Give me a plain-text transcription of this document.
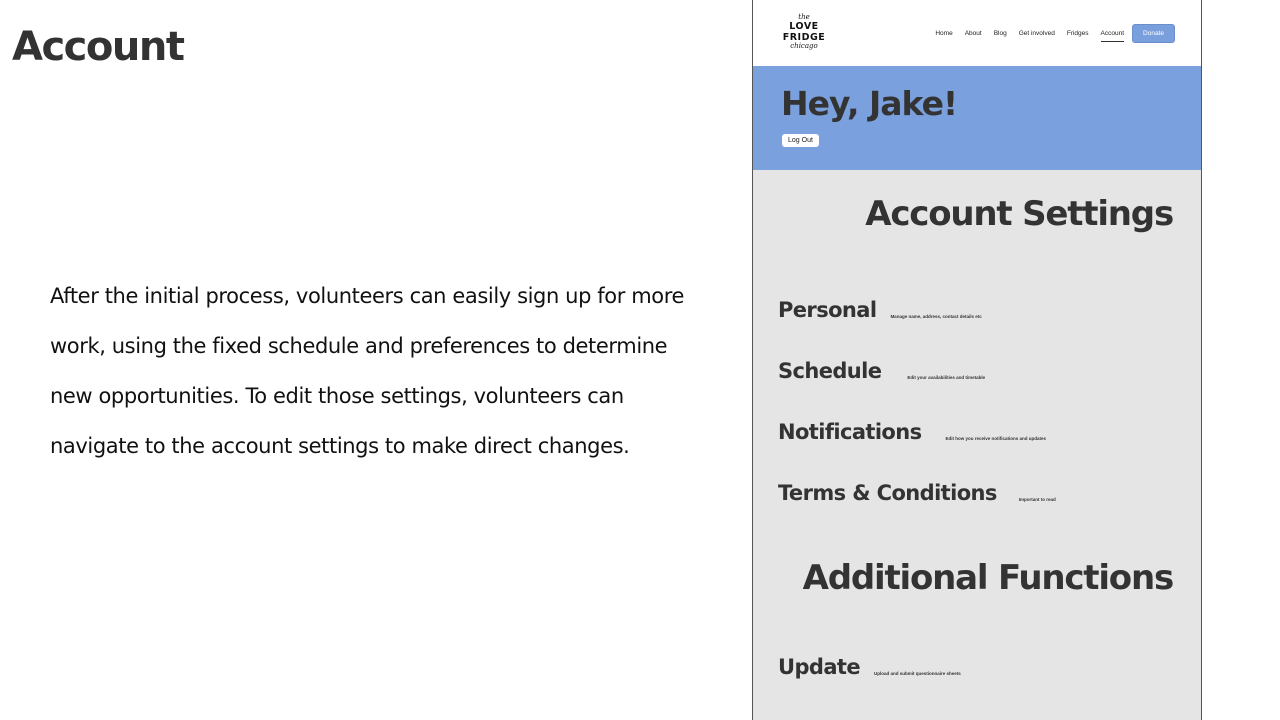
Account

After the initial process, volunteers can easily sign up for more work, using the fixed schedule and preferences to determine new opportunities. To edit those settings, volunteers can navigate to the account settings to make direct changes.

the
LOVE
FRIDGE
chicago
Home	About	Blog	Get involved	Fridges	Account	Donate
Hey, Jake!
Log Out
Account Settings
Personal	Manage name, address, contact details etc
Schedule	Edit your availabilities and timetable
Notifications	Edit how you receive notifications and updates
Terms & Conditions	Important to read
Additional Functions
Update	Upload and submit questionnaire sheets
